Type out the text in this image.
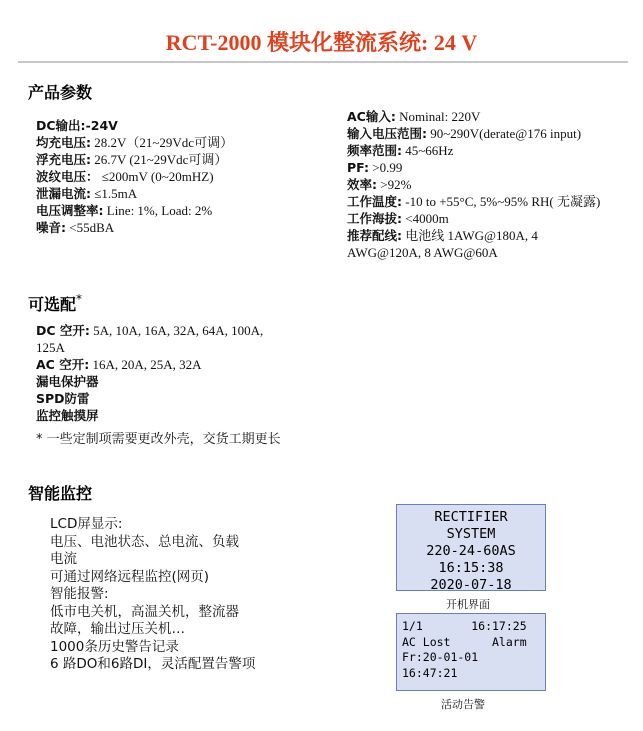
RCT-2000 模块化整流系统: 24 V
产品参数
DC输出:-24V
均充电压: 28.2V（21~29Vdc可调）
浮充电压: 26.7V (21~29Vdc可调）
波纹电压： ≤200mV (0~20mHZ)
泄漏电流: ≤1.5mA
电压调整率: Line: 1%, Load: 2%
噪音: <55dBA
AC输入: Nominal: 220V
输入电压范围: 90~290V(derate@176 input)
频率范围: 45~66Hz
PF: >0.99
效率: >92%
工作温度: -10 to +55°C, 5%~95% RH( 无凝露)
工作海拔: <4000m
推荐配线: 电池线 1AWG@180A, 4
AWG@120A, 8 AWG@60A
可选配*
DC 空开: 5A, 10A, 16A, 32A, 64A, 100A,
125A
AC 空开: 16A, 20A, 25A, 32A
漏电保护器
SPD防雷
监控触摸屏
* 一些定制项需要更改外壳，交货工期更长
智能监控
LCD屏显示:
电压、电池状态、总电流、负载
电流
可通过网络远程监控(网页)
智能报警:
低市电关机，高温关机，整流器
故障，输出过压关机…
1000条历史警告记录
6 路DO和6路DI，灵活配置告警项
RECTIFIER
SYSTEM
220-24-60AS
16:15:38
2020-07-18
开机界面
1/1       16:17:25
AC Lost      Alarm
Fr:20-01-01
16:47:21
活动告警
